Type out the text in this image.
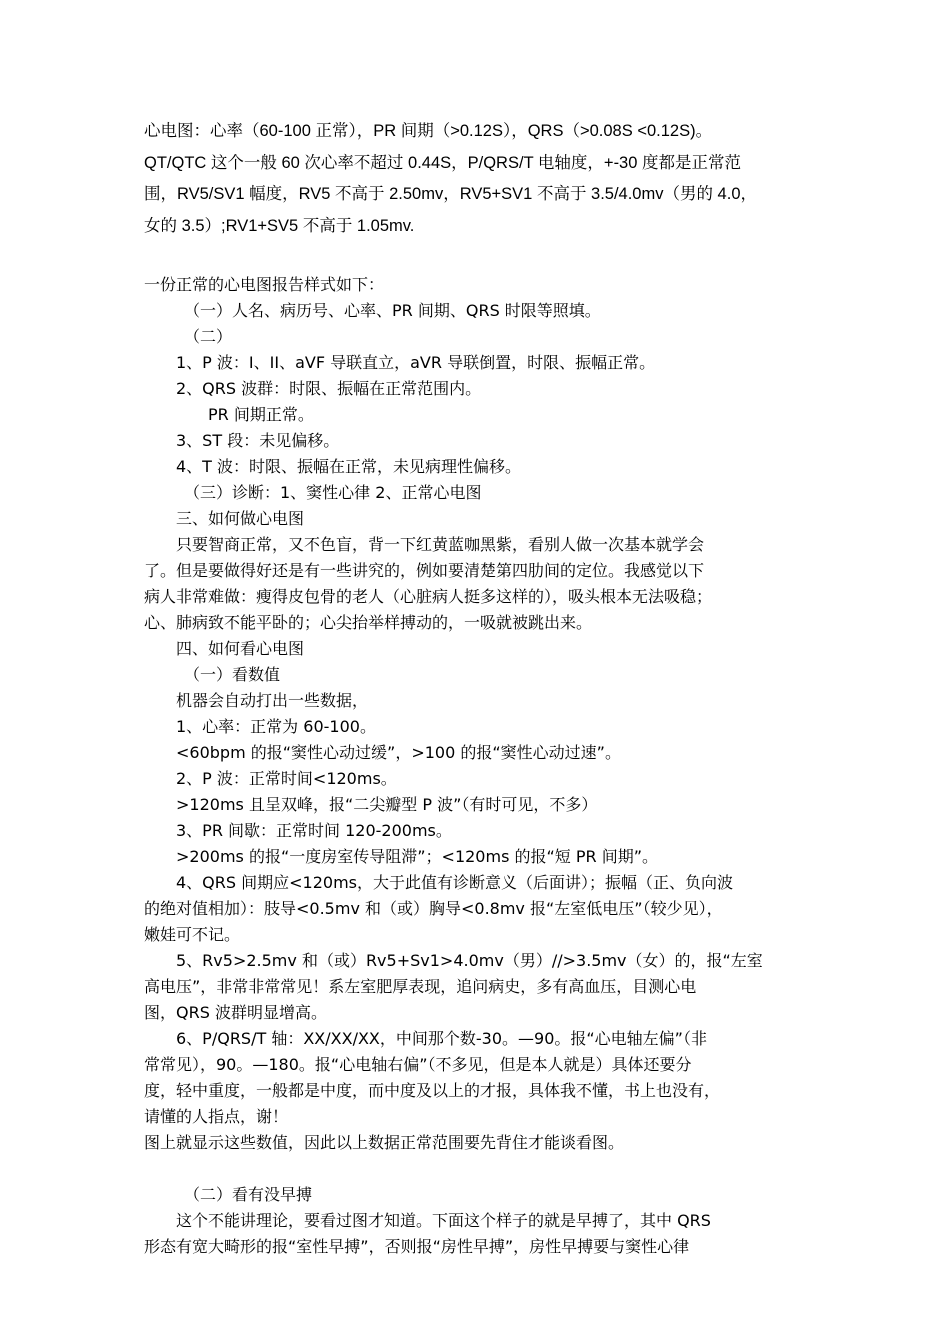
心电图：心率（60-100 正常），PR 间期（>0.12S），QRS（>0.08S <0.12S)。
QT/QTC 这个一般 60 次心率不超过 0.44S，P/QRS/T 电轴度，+-30 度都是正常范
围，RV5/SV1 幅度，RV5 不高于 2.50mv，RV5+SV1 不高于 3.5/4.0mv（男的 4.0，
女的 3.5）;RV1+SV5 不高于 1.05mv.
一份正常的心电图报告样式如下：
（一）人名、病历号、心率、PR 间期、QRS 时限等照填。
（二）
1、P 波：I、II、aVF 导联直立，aVR 导联倒置，时限、振幅正常。
2、QRS 波群：时限、振幅在正常范围内。
PR 间期正常。
3、ST 段：未见偏移。
4、T 波：时限、振幅在正常，未见病理性偏移。
（三）诊断：1、窦性心律 2、正常心电图
三、如何做心电图
只要智商正常，又不色盲，背一下红黄蓝咖黑紫，看别人做一次基本就学会
了。但是要做得好还是有一些讲究的，例如要清楚第四肋间的定位。我感觉以下
病人非常难做：瘦得皮包骨的老人（心脏病人挺多这样的），吸头根本无法吸稳；
心、肺病致不能平卧的；心尖抬举样搏动的，一吸就被跳出来。
四、如何看心电图
（一）看数值
机器会自动打出一些数据，
1、心率：正常为 60-100。
<60bpm 的报“窦性心动过缓”，>100 的报“窦性心动过速”。
2、P 波：正常时间<120ms。
>120ms 且呈双峰，报“二尖瓣型 P 波”（有时可见，不多）
3、PR 间歇：正常时间 120-200ms。
>200ms 的报“一度房室传导阻滞”；<120ms 的报“短 PR 间期”。
4、QRS 间期应<120ms，大于此值有诊断意义（后面讲）；振幅（正、负向波
的绝对值相加）：肢导<0.5mv 和（或）胸导<0.8mv 报“左室低电压”（较少见），
嫩娃可不记。
5、Rv5>2.5mv 和（或）Rv5+Sv1>4.0mv（男）//>3.5mv（女）的，报“左室
高电压”，非常非常常见！系左室肥厚表现，追问病史，多有高血压，目测心电
图，QRS 波群明显增高。
6、P/QRS/T 轴：XX/XX/XX，中间那个数-30。—90。报“心电轴左偏”（非
常常见），90。—180。报“心电轴右偏”（不多见，但是本人就是）具体还要分
度，轻中重度，一般都是中度，而中度及以上的才报，具体我不懂，书上也没有，
请懂的人指点，谢！
图上就显示这些数值，因此以上数据正常范围要先背住才能谈看图。
（二）看有没早搏
这个不能讲理论，要看过图才知道。下面这个样子的就是早搏了，其中 QRS
形态有宽大畸形的报“室性早搏”，否则报“房性早搏”，房性早搏要与窦性心律
